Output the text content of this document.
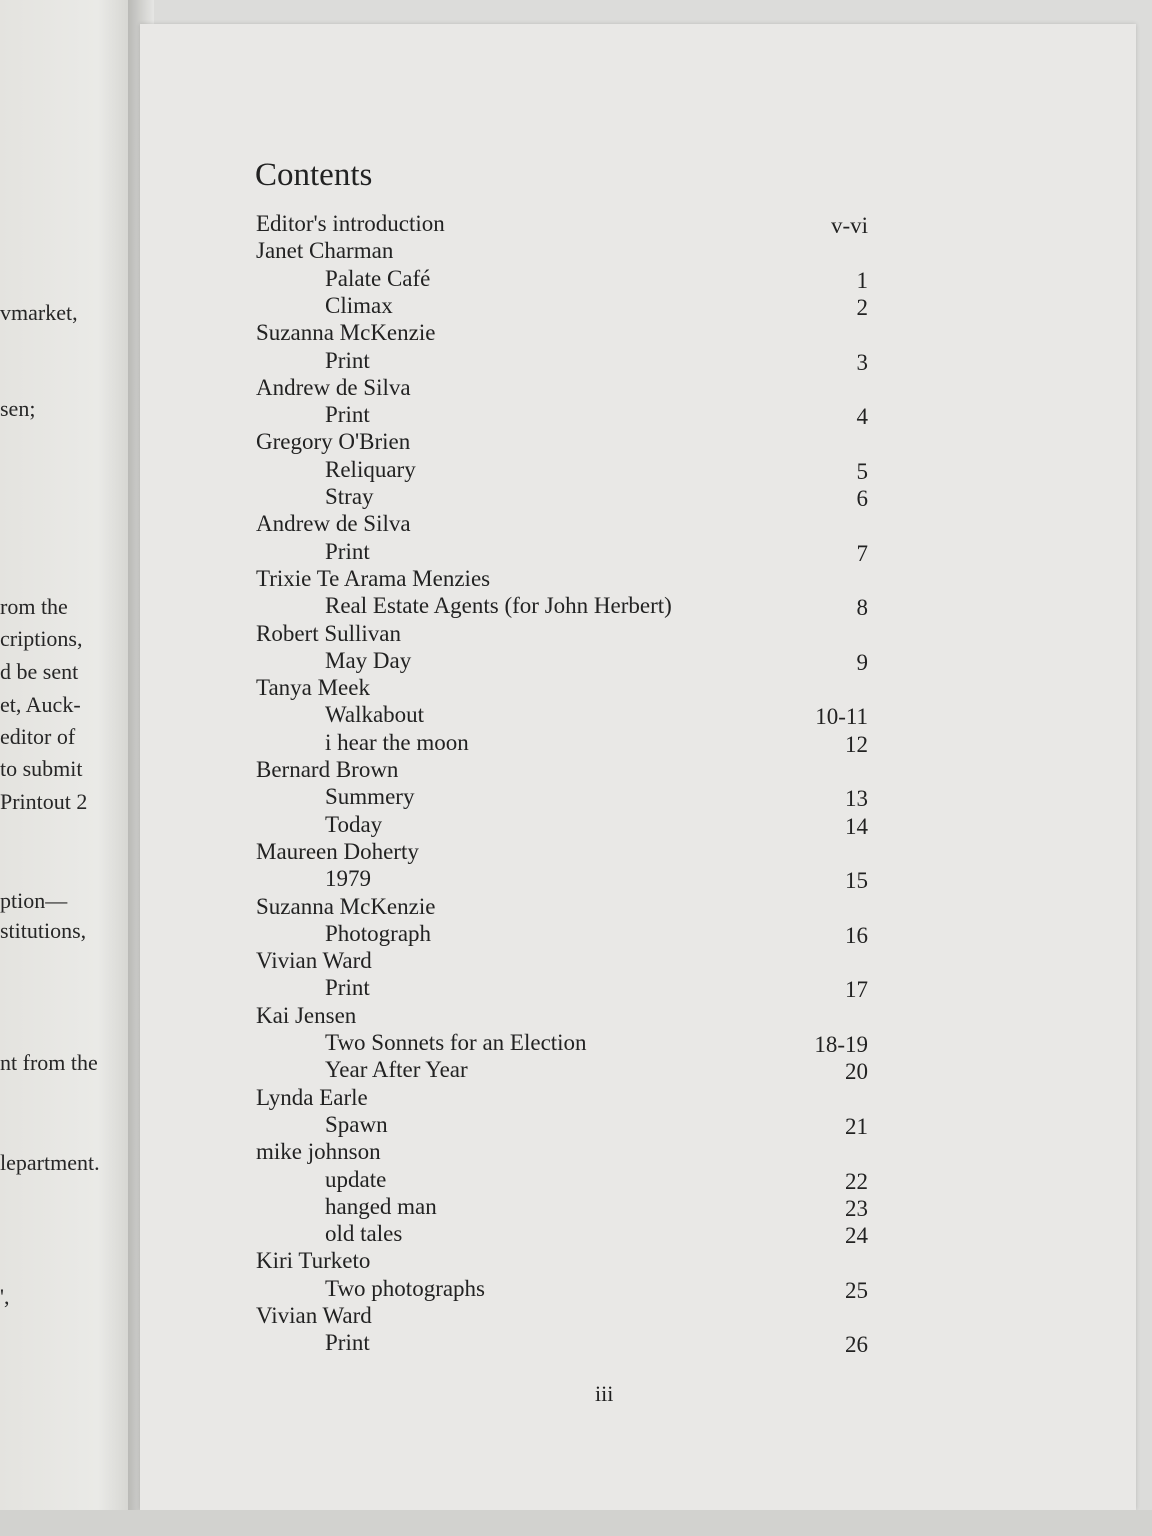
vmarket,
sen;
rom the
criptions,
d be sent
et, Auck-
editor of
to submit
Printout 2
ption—
stitutions,
nt from the
lepartment.
',
Contents
Editor's introduction	v-vi
Janet Charman
Palate Café	1
Climax	2
Suzanna McKenzie
Print	3
Andrew de Silva
Print	4
Gregory O'Brien
Reliquary	5
Stray	6
Andrew de Silva
Print	7
Trixie Te Arama Menzies
Real Estate Agents (for John Herbert)	8
Robert Sullivan
May Day	9
Tanya Meek
Walkabout	10-11
i hear the moon	12
Bernard Brown
Summery	13
Today	14
Maureen Doherty
1979	15
Suzanna McKenzie
Photograph	16
Vivian Ward
Print	17
Kai Jensen
Two Sonnets for an Election	18-19
Year After Year	20
Lynda Earle
Spawn	21
mike johnson
update	22
hanged man	23
old tales	24
Kiri Turketo
Two photographs	25
Vivian Ward
Print	26
iii
